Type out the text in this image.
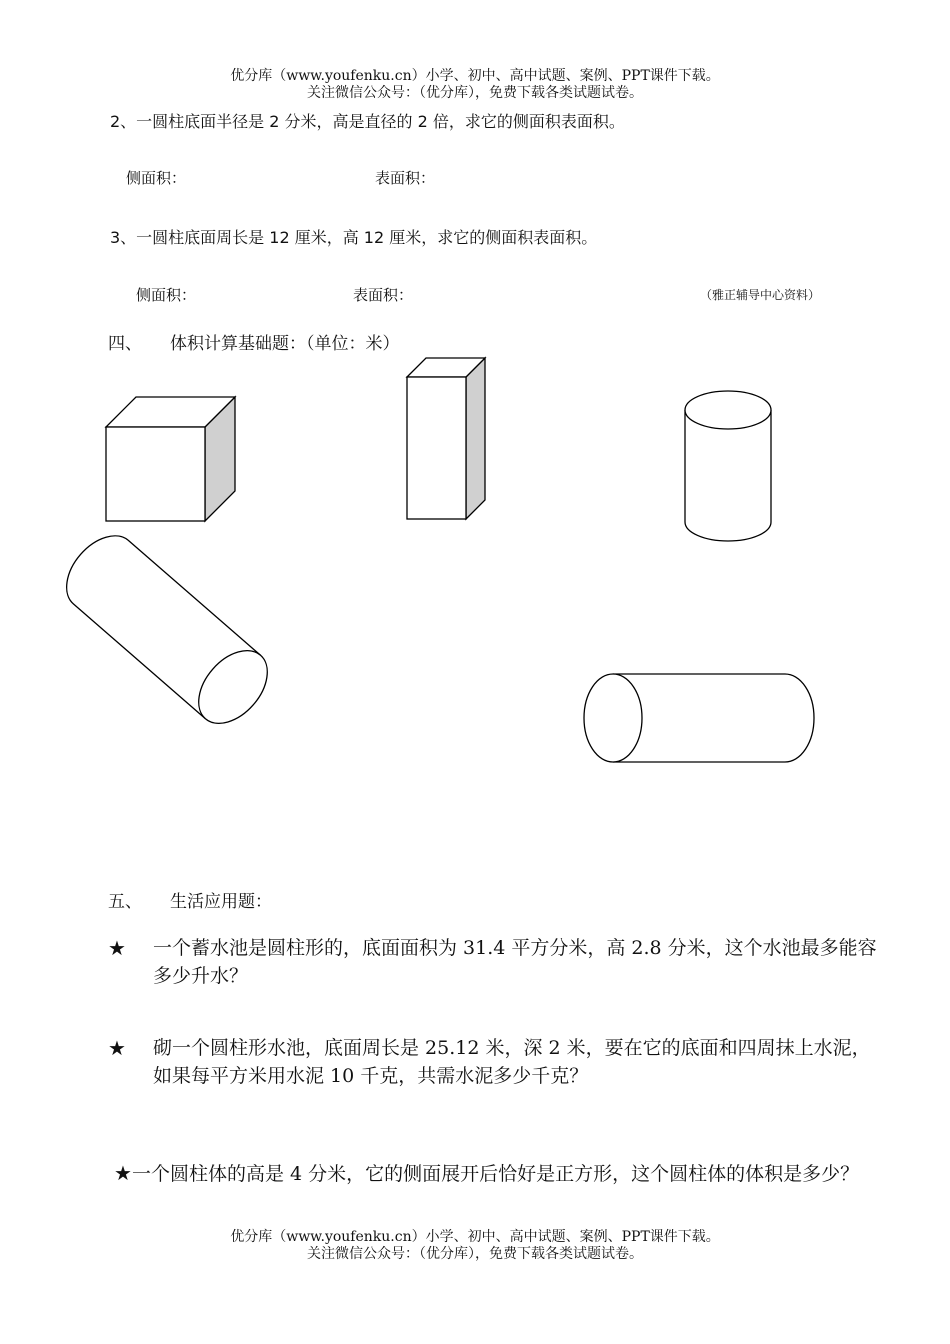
优分库（www.youfenku.cn）小学、初中、高中试题、案例、PPT课件下载。
关注微信公众号：（优分库），免费下载各类试题试卷。
2、一圆柱底面半径是 2 分米，高是直径的 2 倍，求它的侧面积表面积。
侧面积：	表面积：
3、一圆柱底面周长是 12 厘米，高 12 厘米，求它的侧面积表面积。
侧面积：	表面积：	（雅正辅导中心资料）
四、 体积计算基础题：（单位：米）
五、 生活应用题：
★ 一个蓄水池是圆柱形的，底面面积为 31.4 平方分米，高 2.8 分米，这个水池最多能容多少升水？
★ 砌一个圆柱形水池，底面周长是 25.12 米，深 2 米，要在它的底面和四周抹上水泥，如果每平方米用水泥 10 千克，共需水泥多少千克？
★一个圆柱体的高是 4 分米，它的侧面展开后恰好是正方形，这个圆柱体的体积是多少？
优分库（www.youfenku.cn）小学、初中、高中试题、案例、PPT课件下载。
关注微信公众号：（优分库），免费下载各类试题试卷。
